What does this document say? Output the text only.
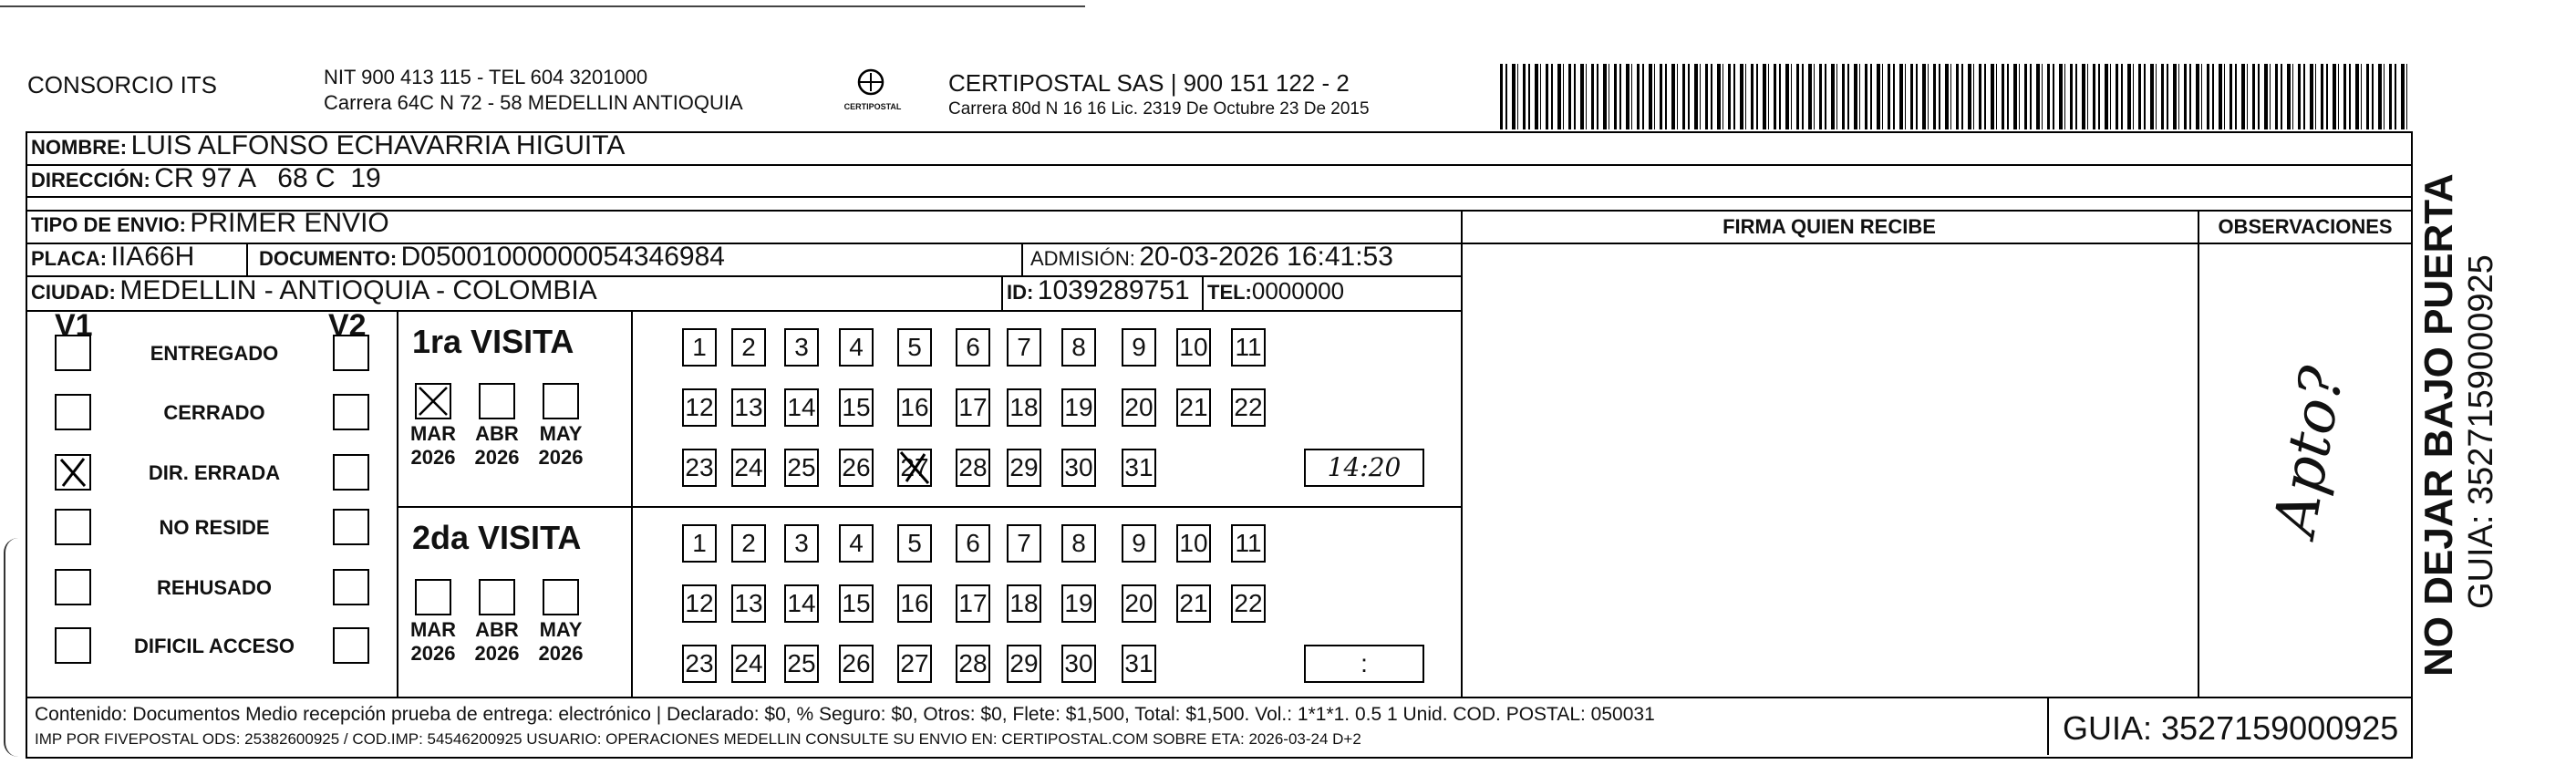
CONSORCIO ITS	NIT 900 413 115 - TEL 604 3201000
Carrera 64C N 72 - 58 MEDELLIN ANTIOQUIA	CERTIPOSTAL
CERTIPOSTAL SAS | 900 151 122 - 2
Carrera 80d N 16 16 Lic. 2319 De Octubre 23 De 2015
NOMBRE: LUIS ALFONSO ECHAVARRIA HIGUITA
DIRECCIÓN: CR 97 A   68 C  19
TIPO DE ENVIO: PRIMER ENVIO
PLACA: IIA66H	DOCUMENTO: D05001000000054346984	ADMISIÓN: 20-03-2026 16:41:53
CIUDAD: MEDELLIN - ANTIOQUIA - COLOMBIA	ID: 1039289751 TEL:0000000
FIRMA QUIEN RECIBE	OBSERVACIONES
Apto?
V1	V2
ENTREGADO
CERRADO
DIR. ERRADA
NO RESIDE
REHUSADO
DIFICIL ACCESO
1ra VISITA
MAR
2026
ABR
2026
MAY
2026
1	2	3	4	5	6	7	8	9	10 11
12 13 14 15 16 17 18 19 20 21 22
23 24 25 26 27 28 29 30 31	14:20
2da VISITA
MAR
2026
ABR
2026
MAY
2026
1	2	3	4	5	6	7	8	9	10 11
12 13 14 15 16 17 18 19 20 21 22
23 24 25 26 27 28 29 30 31	:
Contenido: Documentos Medio recepción prueba de entrega: electrónico | Declarado: $0, % Seguro: $0, Otros: $0, Flete: $1,500, Total: $1,500. Vol.: 1*1*1. 0.5 1 Unid. COD. POSTAL: 050031
IMP POR FIVEPOSTAL ODS: 25382600925 / COD.IMP: 54546200925 USUARIO: OPERACIONES MEDELLIN CONSULTE SU ENVIO EN: CERTIPOSTAL.COM SOBRE ETA: 2026-03-24 D+2	GUIA: 3527159000925
NO DEJAR BAJO PUERTA GUIA: 3527159000925
